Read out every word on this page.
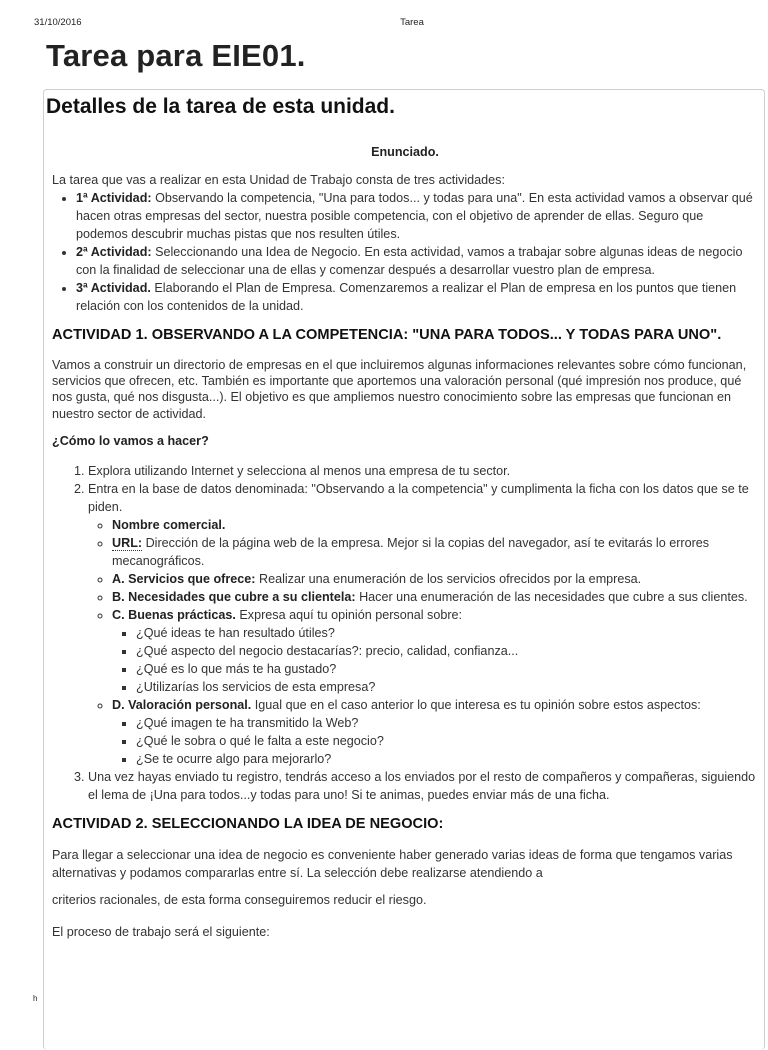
31/10/2016	Tarea
Tarea para EIE01.
Detalles de la tarea de esta unidad.

Enunciado.

La tarea que vas a realizar en esta Unidad de Trabajo consta de tres actividades:

• 1ª Actividad: Observando la competencia, "Una para todos... y todas para una". En esta actividad vamos a observar qué hacen otras empresas del sector, nuestra posible competencia, con el objetivo de aprender de ellas. Seguro que podemos descubrir muchas pistas que nos resulten útiles.
• 2ª Actividad: Seleccionando una Idea de Negocio. En esta actividad, vamos a trabajar sobre algunas ideas de negocio con la finalidad de seleccionar una de ellas y comenzar después a desarrollar vuestro plan de empresa.
• 3ª Actividad. Elaborando el Plan de Empresa. Comenzaremos a realizar el Plan de empresa en los puntos que tienen relación con los contenidos de la unidad.
ACTIVIDAD 1. OBSERVANDO A LA COMPETENCIA: "UNA PARA TODOS... Y TODAS PARA UNO".

Vamos a construir un directorio de empresas en el que incluiremos algunas informaciones relevantes sobre cómo funcionan, servicios que ofrecen, etc. También es importante que aportemos una valoración personal (qué impresión nos produce, qué nos gusta, qué nos disgusta...). El objetivo es que ampliemos nuestro conocimiento sobre las empresas que funcionan en nuestro sector de actividad.

¿Cómo lo vamos a hacer?

1. Explora utilizando Internet y selecciona al menos una empresa de tu sector.
2. Entra en la base de datos denominada: "Observando a la competencia" y cumplimenta la ficha con los datos que se te piden.
◦ Nombre comercial.
◦ URL: Dirección de la página web de la empresa. Mejor si la copias del navegador, así te evitarás lo errores mecanográficos.
◦ A. Servicios que ofrece: Realizar una enumeración de los servicios ofrecidos por la empresa.
◦ B. Necesidades que cubre a su clientela: Hacer una enumeración de las necesidades que cubre a sus clientes.
◦ C. Buenas prácticas. Expresa aquí tu opinión personal sobre:
▪ ¿Qué ideas te han resultado útiles?
▪ ¿Qué aspecto del negocio destacarías?: precio, calidad, confianza...
▪ ¿Qué es lo que más te ha gustado?
▪ ¿Utilizarías los servicios de esta empresa?
◦ D. Valoración personal. Igual que en el caso anterior lo que interesa es tu opinión sobre estos aspectos:
▪ ¿Qué imagen te ha transmitido la Web?
▪ ¿Qué le sobra o qué le falta a este negocio?
▪ ¿Se te ocurre algo para mejorarlo?
3. Una vez hayas enviado tu registro, tendrás acceso a los enviados por el resto de compañeros y compañeras, siguiendo el lema de ¡Una para todos...y todas para uno! Si te animas, puedes enviar más de una ficha.
ACTIVIDAD 2. SELECCIONANDO LA IDEA DE NEGOCIO:

Para llegar a seleccionar una idea de negocio es conveniente haber generado varias ideas de forma que tengamos varias alternativas y podamos compararlas entre sí. La selección debe realizarse atendiendo a

criterios racionales, de esta forma conseguiremos reducir el riesgo.

El proceso de trabajo será el siguiente:

h
